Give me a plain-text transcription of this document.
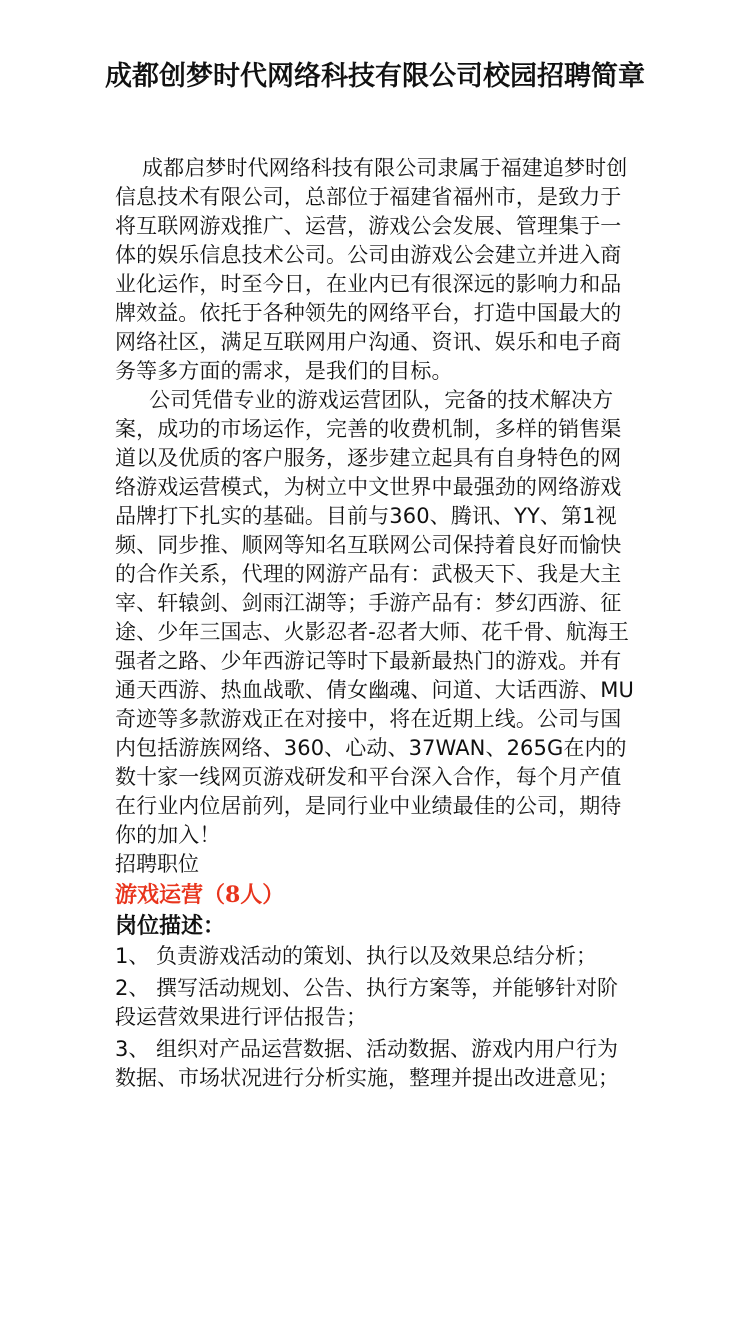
成都创梦时代网络科技有限公司校园招聘简章

成都启梦时代网络科技有限公司隶属于福建追梦时创信息技术有限公司，总部位于福建省福州市，是致力于将互联网游戏推广、运营，游戏公会发展、管理集于一体的娱乐信息技术公司。公司由游戏公会建立并进入商业化运作，时至今日，在业内已有很深远的影响力和品牌效益。依托于各种领先的网络平台，打造中国最大的网络社区，满足互联网用户沟通、资讯、娱乐和电子商务等多方面的需求，是我们的目标。

公司凭借专业的游戏运营团队，完备的技术解决方案，成功的市场运作，完善的收费机制，多样的销售渠道以及优质的客户服务，逐步建立起具有自身特色的网络游戏运营模式，为树立中文世界中最强劲的网络游戏品牌打下扎实的基础。目前与360、腾讯、YY、第1视频、同步推、顺网等知名互联网公司保持着良好而愉快的合作关系，代理的网游产品有：武极天下、我是大主宰、轩辕剑、剑雨江湖等；手游产品有：梦幻西游、征途、少年三国志、火影忍者-忍者大师、花千骨、航海王强者之路、少年西游记等时下最新最热门的游戏。并有通天西游、热血战歌、倩女幽魂、问道、大话西游、MU奇迹等多款游戏正在对接中，将在近期上线。公司与国内包括游族网络、360、心动、37WAN、265G在内的数十家一线网页游戏研发和平台深入合作，每个月产值在行业内位居前列，是同行业中业绩最佳的公司，期待你的加入！

招聘职位

游戏运营（8人）

岗位描述：

1、 负责游戏活动的策划、执行以及效果总结分析；

2、 撰写活动规划、公告、执行方案等，并能够针对阶段运营效果进行评估报告；

3、 组织对产品运营数据、活动数据、游戏内用户行为数据、市场状况进行分析实施，整理并提出改进意见；
